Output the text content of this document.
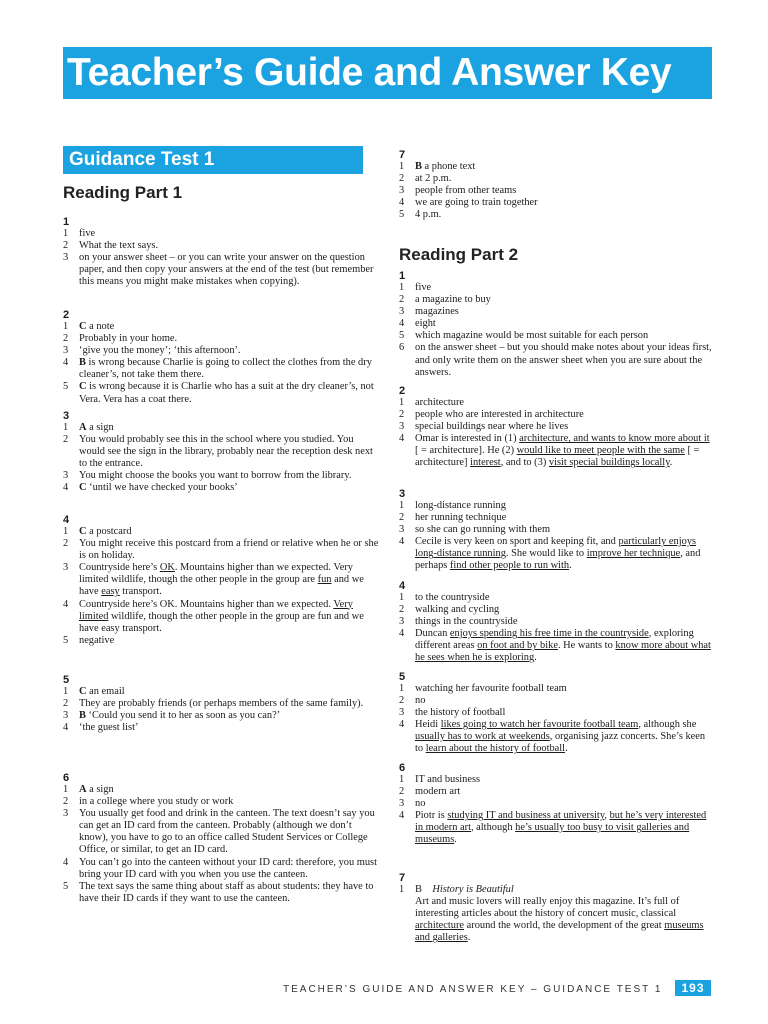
Teacher’s Guide and Answer Key
Guidance Test 1
Reading Part 1
1
1 five
2 What the text says.
3 on your answer sheet – or you can write your answer on the question paper, and then copy your answers at the end of the test (but remember this means you might make mistakes when copying).
2
1 C a note
2 Probably in your home.
3 ‘give you the money’; ‘this afternoon’.
4 B is wrong because Charlie is going to collect the clothes from the dry cleaner’s, not take them there.
5 C is wrong because it is Charlie who has a suit at the dry cleaner’s, not Vera. Vera has a coat there.
3
1 A a sign
2 You would probably see this in the school where you studied. You would see the sign in the library, probably near the reception desk next to the entrance.
3 You might choose the books you want to borrow from the library.
4 C ‘until we have checked your books’
4
1 C a postcard
2 You might receive this postcard from a friend or relative when he or she is on holiday.
3 Countryside here’s OK. Mountains higher than we expected. Very limited wildlife, though the other people in the group are fun and we have easy transport.
4 Countryside here’s OK. Mountains higher than we expected. Very limited wildlife, though the other people in the group are fun and we have easy transport.
5 negative
5
1 C an email
2 They are probably friends (or perhaps members of the same family).
3 B ‘Could you send it to her as soon as you can?’
4 ‘the guest list’
6
1 A a sign
2 in a college where you study or work
3 You usually get food and drink in the canteen. The text doesn’t say you can get an ID card from the canteen. Probably (although we don’t know), you have to go to an office called Student Services or College Office, or similar, to get an ID card.
4 You can’t go into the canteen without your ID card: therefore, you must bring your ID card with you when you use the canteen.
5 The text says the same thing about staff as about students: they have to have their ID cards if they want to use the canteen.
7
1 B a phone text
2 at 2 p.m.
3 people from other teams
4 we are going to train together
5 4 p.m.
Reading Part 2
1
1 five
2 a magazine to buy
3 magazines
4 eight
5 which magazine would be most suitable for each person
6 on the answer sheet – but you should make notes about your ideas first, and only write them on the answer sheet when you are sure about the answers.
2
1 architecture
2 people who are interested in architecture
3 special buildings near where he lives
4 Omar is interested in (1) architecture, and wants to know more about it [ = architecture]. He (2) would like to meet people with the same [ = architecture] interest, and to (3) visit special buildings locally.
3
1 long-distance running
2 her running technique
3 so she can go running with them
4 Cecile is very keen on sport and keeping fit, and particularly enjoys long-distance running. She would like to improve her technique, and perhaps find other people to run with.
4
1 to the countryside
2 walking and cycling
3 things in the countryside
4 Duncan enjoys spending his free time in the countryside, exploring different areas on foot and by bike. He wants to know more about what he sees when he is exploring.
5
1 watching her favourite football team
2 no
3 the history of football
4 Heidi likes going to watch her favourite football team, although she usually has to work at weekends, organising jazz concerts. She’s keen to learn about the history of football.
6
1 IT and business
2 modern art
3 no
4 Piotr is studying IT and business at university, but he’s very interested in modern art, although he’s usually too busy to visit galleries and museums.
7
1 B    History is Beautiful
Art and music lovers will really enjoy this magazine. It’s full of interesting articles about the history of concert music, classical architecture around the world, the development of the great museums and galleries.
TEACHER’S GUIDE AND ANSWER KEY – GUIDANCE TEST 1	193
